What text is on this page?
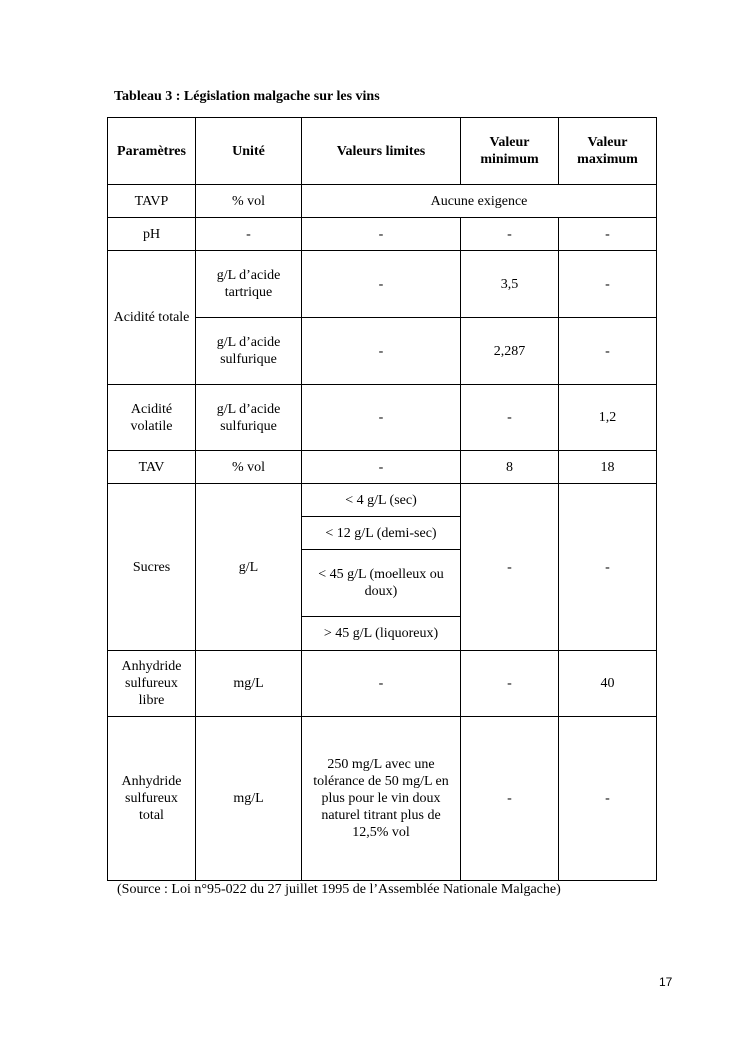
Tableau 3 : Législation malgache sur les vins
Paramètres	Unité	Valeurs limites	Valeur minimum	Valeur maximum
TAVP	% vol	Aucune exigence		
pH	-	-	-	-
Acidité totale	g/L d’acide tartrique	-	3,5	-
	g/L d’acide sulfurique	-	2,287	-
Acidité volatile	g/L d’acide sulfurique	-	-	1,2
TAV	% vol	-	8	18
Sucres	g/L	< 4 g/L (sec)	-	-
		< 12 g/L (demi-sec)		
		< 45 g/L (moelleux ou doux)		
		> 45 g/L (liquoreux)		
Anhydride sulfureux libre	mg/L	-	-	40
Anhydride sulfureux total	mg/L	250 mg/L avec une tolérance de 50 mg/L en plus pour le vin doux naturel titrant plus de 12,5% vol	-	-
(Source : Loi n°95-022 du 27 juillet 1995 de l’Assemblée Nationale Malgache)
17
